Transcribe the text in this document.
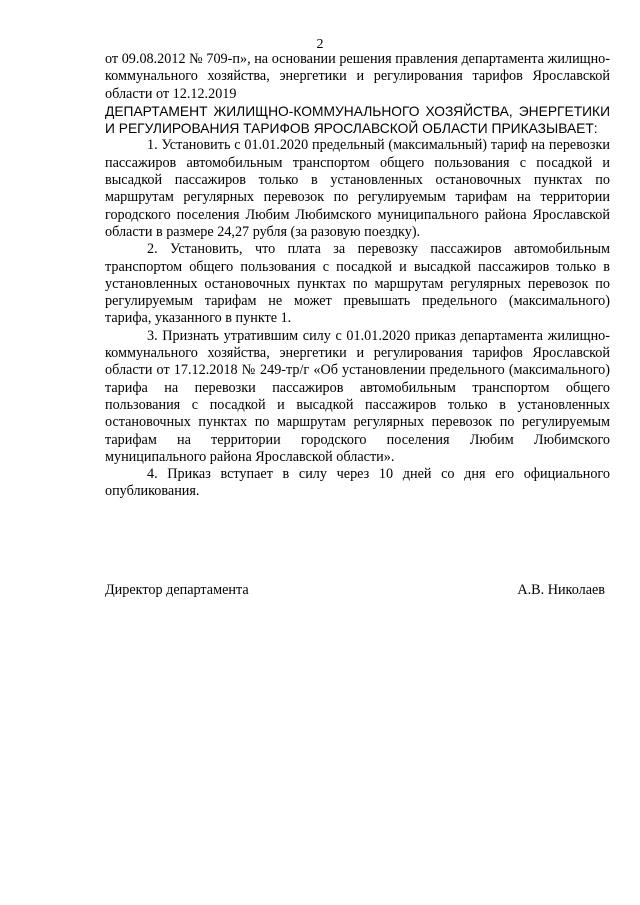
2

от 09.08.2012 № 709-п», на основании решения правления департамента жилищно-коммунального хозяйства, энергетики и регулирования тарифов Ярославской области от 12.12.2019

ДЕПАРТАМЕНТ ЖИЛИЩНО-КОММУНАЛЬНОГО ХОЗЯЙСТВА, ЭНЕРГЕТИКИ И РЕГУЛИРОВАНИЯ ТАРИФОВ ЯРОСЛАВСКОЙ ОБЛАСТИ ПРИКАЗЫВАЕТ:

1. Установить с 01.01.2020 предельный (максимальный) тариф на перевозки пассажиров автомобильным транспортом общего пользования с посадкой и высадкой пассажиров только в установленных остановочных пунктах по маршрутам регулярных перевозок по регулируемым тарифам на территории городского поселения Любим Любимского муниципального района Ярославской области в размере 24,27 рубля (за разовую поездку).

2. Установить, что плата за перевозку пассажиров автомобильным транспортом общего пользования с посадкой и высадкой пассажиров только в установленных остановочных пунктах по маршрутам регулярных перевозок по регулируемым тарифам не может превышать предельного (максимального) тарифа, указанного в пункте 1.

3. Признать утратившим силу с 01.01.2020 приказ департамента жилищно-коммунального хозяйства, энергетики и регулирования тарифов Ярославской области от 17.12.2018 № 249-тр/г «Об установлении предельного (максимального) тарифа на перевозки пассажиров автомобильным транспортом общего пользования с посадкой и высадкой пассажиров только в установленных остановочных пунктах по маршрутам регулярных перевозок по регулируемым тарифам на территории городского поселения Любим Любимского муниципального района Ярославской области».

4. Приказ вступает в силу через 10 дней со дня его официального опубликования.

Директор департамента	А.В. Николаев
